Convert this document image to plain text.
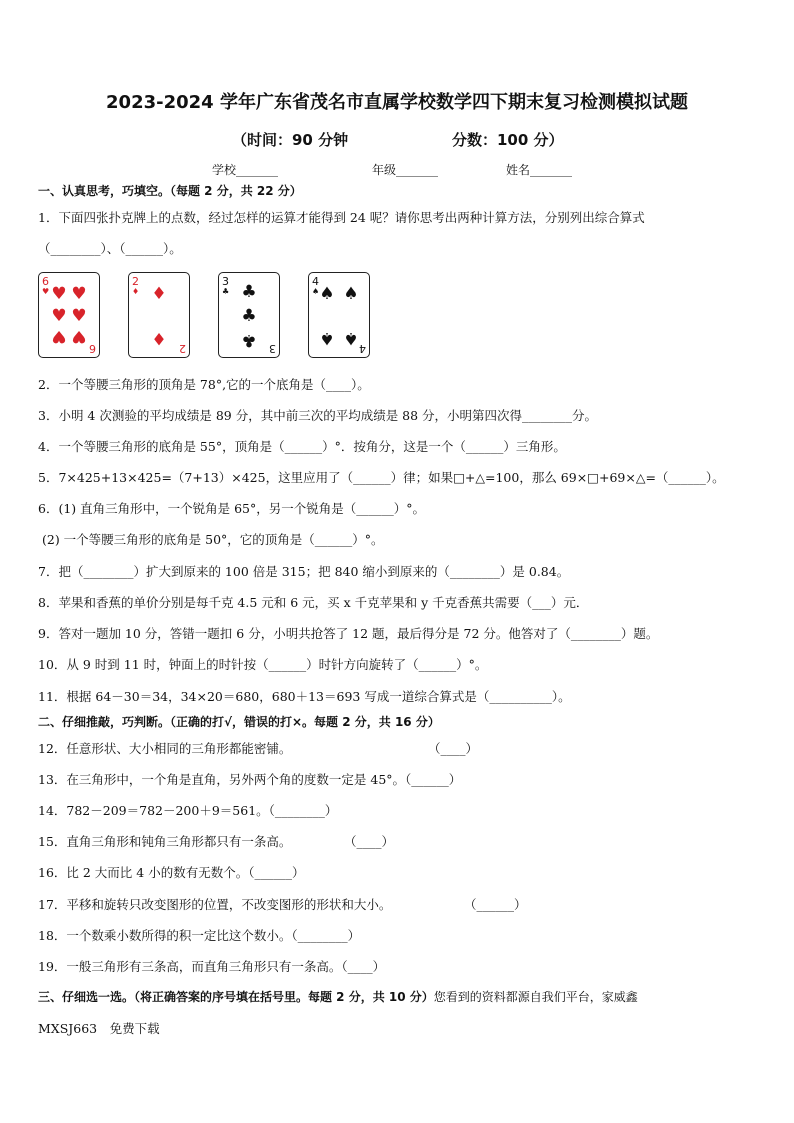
2023-2024 学年广东省茂名市直属学校数学四下期末复习检测模拟试题
（时间：90 分钟	分数：100 分）
学校_______	年级_______	姓名_______
一、认真思考，巧填空。（每题 2 分，共 22 分）
1．下面四张扑克牌上的点数，经过怎样的运算才能得到 24 呢？请你思考出两种计算方法，分别列出综合算式
（________）、（______）。
6
♥
6
♥ ♥
♥ ♥
♥ ♥
2
♦
2
♦
♦
3
♣
3
♣
♣
♣
4
♠
4
♠ ♠
♠ ♠
2．一个等腰三角形的顶角是 78°,它的一个底角是（____）。
3．小明 4 次测验的平均成绩是 89 分，其中前三次的平均成绩是 88 分，小明第四次得________分。
4．一个等腰三角形的底角是 55°，顶角是（______）°．按角分，这是一个（______）三角形。
5．7×425+13×425=（7+13）×425，这里应用了（______）律；如果□+△=100，那么 69×□+69×△=（______）。
6．(1) 直角三角形中，一个锐角是 65°，另一个锐角是（______）°。
(2) 一个等腰三角形的底角是 50°，它的顶角是（______）°。
7．把（________）扩大到原来的 100 倍是 315；把 840 缩小到原来的（________）是 0.84。
8．苹果和香蕉的单价分别是每千克 4.5 元和 6 元，买 x 千克苹果和 y 千克香蕉共需要（___）元．
9．答对一题加 10 分，答错一题扣 6 分，小明共抢答了 12 题，最后得分是 72 分。他答对了（________）题。
10．从 9 时到 11 时，钟面上的时针按（______）时针方向旋转了（______）°。
11．根据 64－30＝34，34×20＝680，680＋13＝693 写成一道综合算式是（__________）。
二、仔细推敲，巧判断。（正确的打√，错误的打×。每题 2 分，共 16 分）
12．任意形状、大小相同的三角形都能密铺。	（____）
13．在三角形中，一个角是直角，另外两个角的度数一定是 45°。（______）
14．782－209＝782－200＋9＝561。（________）
15．直角三角形和钝角三角形都只有一条高。	（____）
16．比 2 大而比 4 小的数有无数个。（______）
17．平移和旋转只改变图形的位置，不改变图形的形状和大小。	（______）
18．一个数乘小数所得的积一定比这个数小。（________）
19．一般三角形有三条高，而直角三角形只有一条高。（____）
三、仔细选一选。（将正确答案的序号填在括号里。每题 2 分，共 10 分）您看到的资料都源自我们平台，家威鑫
MXSJ663　免费下载
